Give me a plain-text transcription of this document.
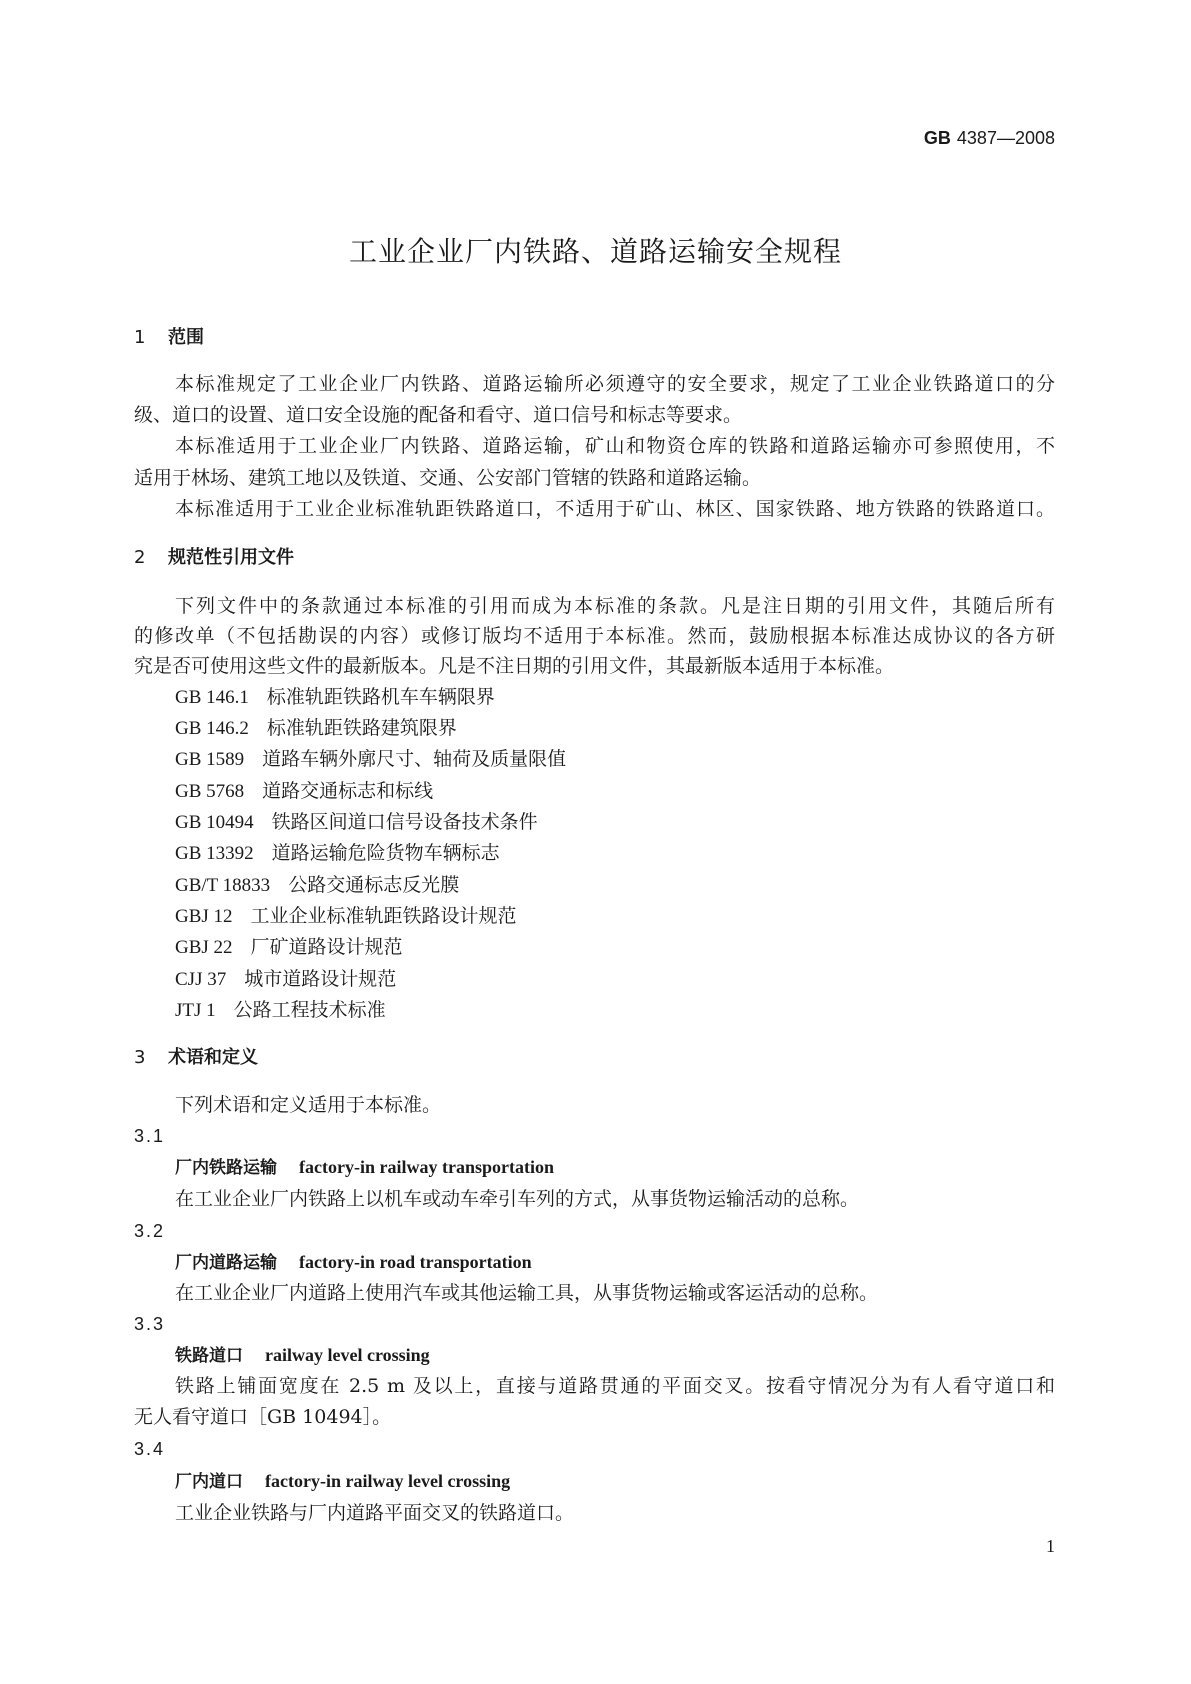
GB 4387—2008
工业企业厂内铁路、道路运输安全规程
1 范围
本标准规定了工业企业厂内铁路、道路运输所必须遵守的安全要求，规定了工业企业铁路道口的分
级、道口的设置、道口安全设施的配备和看守、道口信号和标志等要求。
本标准适用于工业企业厂内铁路、道路运输，矿山和物资仓库的铁路和道路运输亦可参照使用，不
适用于林场、建筑工地以及铁道、交通、公安部门管辖的铁路和道路运输。
本标准适用于工业企业标准轨距铁路道口，不适用于矿山、林区、国家铁路、地方铁路的铁路道口。
2 规范性引用文件
下列文件中的条款通过本标准的引用而成为本标准的条款。凡是注日期的引用文件，其随后所有
的修改单（不包括勘误的内容）或修订版均不适用于本标准。然而，鼓励根据本标准达成协议的各方研
究是否可使用这些文件的最新版本。凡是不注日期的引用文件，其最新版本适用于本标准。
GB 146.1 标准轨距铁路机车车辆限界
GB 146.2 标准轨距铁路建筑限界
GB 1589 道路车辆外廓尺寸、轴荷及质量限值
GB 5768 道路交通标志和标线
GB 10494 铁路区间道口信号设备技术条件
GB 13392 道路运输危险货物车辆标志
GB/T 18833 公路交通标志反光膜
GBJ 12 工业企业标准轨距铁路设计规范
GBJ 22 厂矿道路设计规范
CJJ 37 城市道路设计规范
JTJ 1 公路工程技术标准
3 术语和定义
下列术语和定义适用于本标准。
3.1
厂内铁路运输 factory-in railway transportation
在工业企业厂内铁路上以机车或动车牵引车列的方式，从事货物运输活动的总称。
3.2
厂内道路运输 factory-in road transportation
在工业企业厂内道路上使用汽车或其他运输工具，从事货物运输或客运活动的总称。
3.3
铁路道口 railway level crossing
铁路上铺面宽度在 2.5 m 及以上，直接与道路贯通的平面交叉。按看守情况分为有人看守道口和
无人看守道口［GB 10494］。
3.4
厂内道口 factory-in railway level crossing
工业企业铁路与厂内道路平面交叉的铁路道口。
1
